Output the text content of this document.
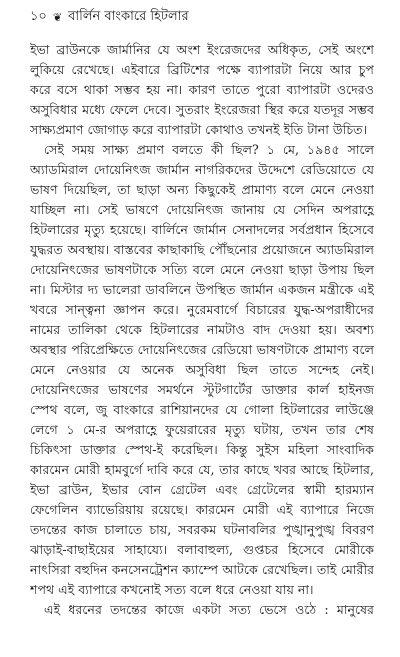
১০ ❦ বার্লিন বাংকারে হিটলার
ইভা ব্রাউনকে জার্মানির যে অংশ ইংরেজদের অধিকৃত, সেই অংশে
লুকিয়ে রেখেছে। এইবারে ব্রিটিশের পক্ষে ব্যাপারটা নিয়ে আর চুপ
করে বসে থাকা সম্ভব হয় না। কারণ তাতে পুরো ব্যাপারটা ওদেরও
অসুবিধার মধ্যে ফেলে দেবে। সুতরাং ইংরেজরা স্থির করে যতদূর সম্ভব
সাক্ষ্যপ্রমাণ জোগাড় করে ব্যাপারটা কোথাও তখনই ইতি টানা উচিত।
সেই সময় সাক্ষ্য প্রমাণ বলতে কী ছিল? ১ মে, ১৯৪৫ সালে
অ্যাডমিরাল দোয়েনিৎজ জার্মান নাগরিকদের উদ্দেশে রেডিয়োতে যে
ভাষণ দিয়েছিল, তা ছাড়া অন্য কিছুকেই প্রামাণ্য বলে মেনে নেওয়া
যাচ্ছিল না। সেই ভাষণে দোয়েনিৎজ জানায় যে সেদিন অপরাহ্ণে
হিটলারের মৃত্যু হয়েছে। বার্লিনে জার্মান সেনাদলের সর্বপ্রধান হিসেবে
যুদ্ধরত অবস্থায়। বাস্তবের কাছাকাছি পৌঁছনোর প্রয়োজনে অ্যাডমিরাল
দোয়েনিৎজের ভাষণটাকে সত্যি বলে মেনে নেওয়া ছাড়া উপায় ছিল
না। মিস্টার দ্য ভালেরা ডাবলিনে উপস্থিত জার্মান একজন মন্ত্রীকে এই
খবরে সান্ত্বনা জ্ঞাপন করে। নুরেমবার্গে বিচারের যুদ্ধ-অপরাধীদের
নামের তালিকা থেকে হিটলারের নামটাও বাদ দেওয়া হয়। অবশ্য
অবস্থার পরিপ্রেক্ষিতে দোয়েনিৎজের রেডিয়ো ভাষণটাকে প্রামাণ্য বলে
মেনে নেওয়ার যে অনেক অসুবিধা ছিল তাতে সন্দেহ নেই।
দোয়েনিৎজের ভাষণের সমর্থনে স্টুটগার্টের ডাক্তার কার্ল হাইনজ
স্পেথ বলে, জু বাংকারে রাশিয়ানদের যে গোলা হিটলারের লাউঞ্জে
লেগে ১ মে-র অপরাহ্ণে ফুয়েরারের মৃত্যু ঘটায়, তখন তার শেষ
চিকিৎসা ডাক্তার স্পেথ-ই করেছিল। কিন্তু সুইস মহিলা সাংবাদিক
কারমেন মোরী হামবুর্গে দাবি করে যে, তার কাছে খবর আছে হিটলার,
ইভা ব্রাউন, ইভার বোন গ্রেটেল এবং গ্রেটেলের স্বামী হারম্যান
ফেগেলিন ব্যাভেরিয়ায় রয়েছে। কারমেন মোরী এই ব্যাপারে নিজে
তদন্তের কাজ চালাতে চায়, সবরকম ঘটনাবলির পুঙ্খানুপুঙ্খ বিবরণ
ঝাড়াই-বাছাইয়ের সাহায্যে। বলাবাহুল্য, গুপ্তচর হিসেবে মোরীকে
নাৎসিরা বহুদিন কনসেনট্রেশন ক্যাম্পে আটকে রেখেছিল। তাই মোরীর
শপথ এই ব্যাপারে কখনোই সত্য বলে ধরে নেওয়া যায় না।
এই ধরনের তদন্তের কাজে একটা সত্য ভেসে ওঠে : মানুষের
